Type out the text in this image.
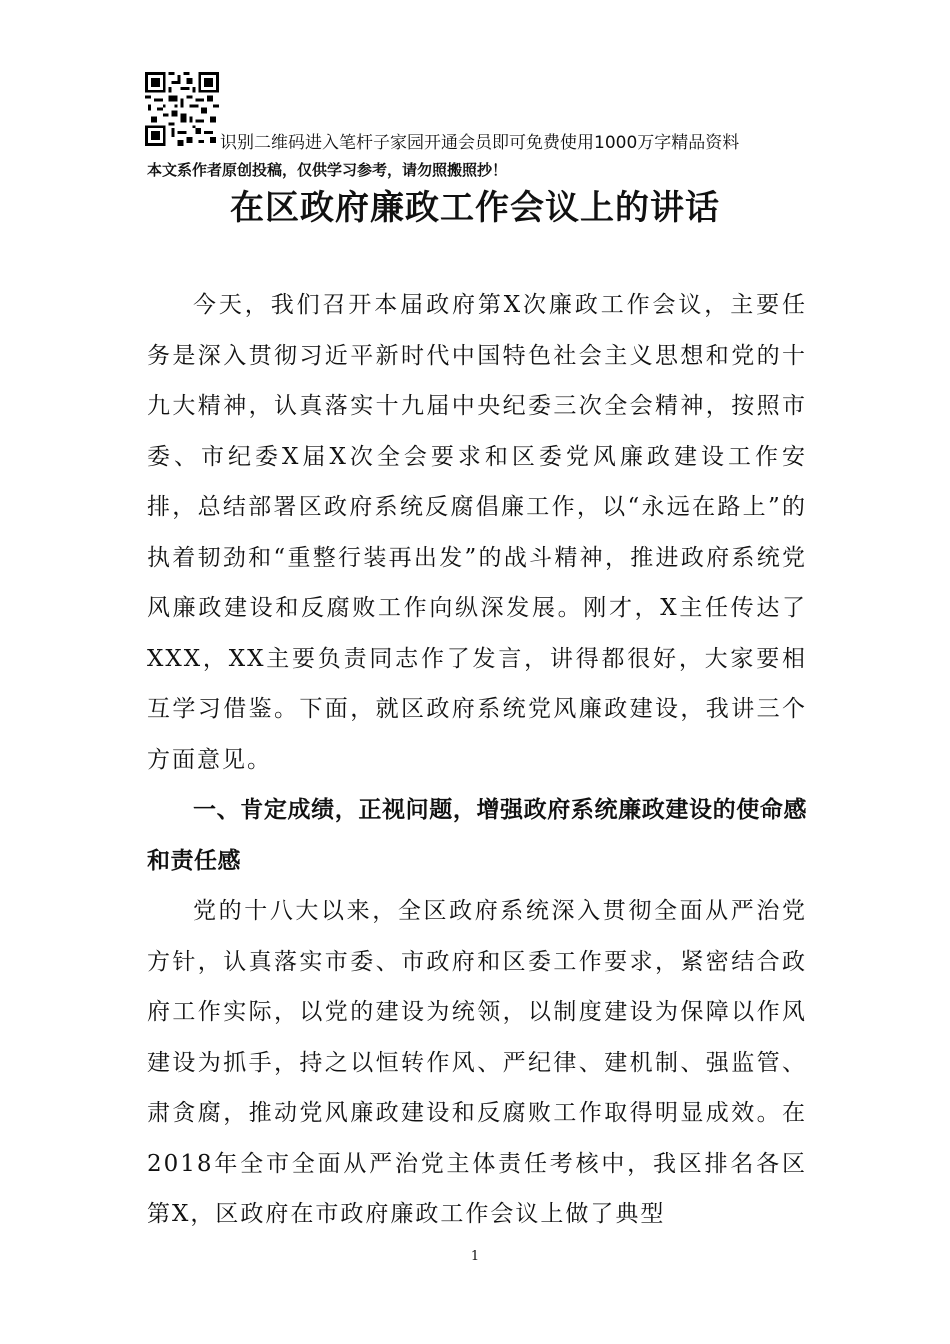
识别二维码进入笔杆子家园开通会员即可免费使用1000万字精品资料
本文系作者原创投稿，仅供学习参考，请勿照搬照抄！
在区政府廉政工作会议上的讲话

今天，我们召开本届政府第X次廉政工作会议，主要任务是深入贯彻习近平新时代中国特色社会主义思想和党的十九大精神，认真落实十九届中央纪委三次全会精神，按照市委、市纪委X届X次全会要求和区委党风廉政建设工作安排，总结部署区政府系统反腐倡廉工作，以“永远在路上”的执着韧劲和“重整行装再出发”的战斗精神，推进政府系统党风廉政建设和反腐败工作向纵深发展。刚才，X主任传达了XXX，XX主要负责同志作了发言，讲得都很好，大家要相互学习借鉴。下面，就区政府系统党风廉政建设，我讲三个方面意见。

一、肯定成绩，正视问题，增强政府系统廉政建设的使命感和责任感

党的十八大以来，全区政府系统深入贯彻全面从严治党方针，认真落实市委、市政府和区委工作要求，紧密结合政府工作实际，以党的建设为统领，以制度建设为保障以作风建设为抓手，持之以恒转作风、严纪律、建机制、强监管、肃贪腐，推动党风廉政建设和反腐败工作取得明显成效。在2018年全市全面从严治党主体责任考核中，我区排名各区第X，区政府在市政府廉政工作会议上做了典型

1
